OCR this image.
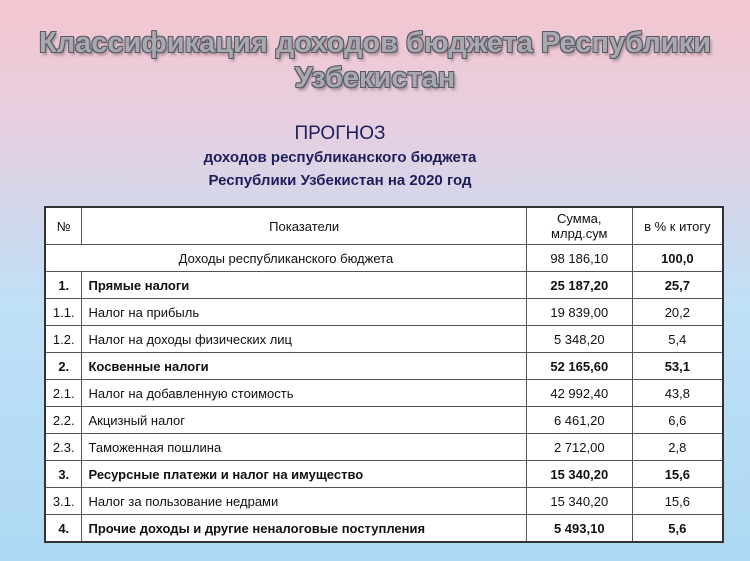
Классификация доходов бюджета Республики Узбекистан
ПРОГНОЗ
доходов республиканского бюджета
Республики Узбекистан на 2020 год
№	Показатели	Сумма, млрд.сум	в % к итогу
Доходы республиканского бюджета		98 186,10	100,0
1.	Прямые налоги	25 187,20	25,7
1.1.	Налог на прибыль	19 839,00	20,2
1.2.	Налог на доходы физических лиц	5 348,20	5,4
2.	Косвенные налоги	52 165,60	53,1
2.1.	Налог на добавленную стоимость	42 992,40	43,8
2.2.	Акцизный налог	6 461,20	6,6
2.3.	Таможенная пошлина	2 712,00	2,8
3.	Ресурсные платежи и налог на имущество	15 340,20	15,6
3.1.	Налог за пользование недрами	15 340,20	15,6
4.	Прочие доходы и другие неналоговые поступления	5 493,10	5,6
